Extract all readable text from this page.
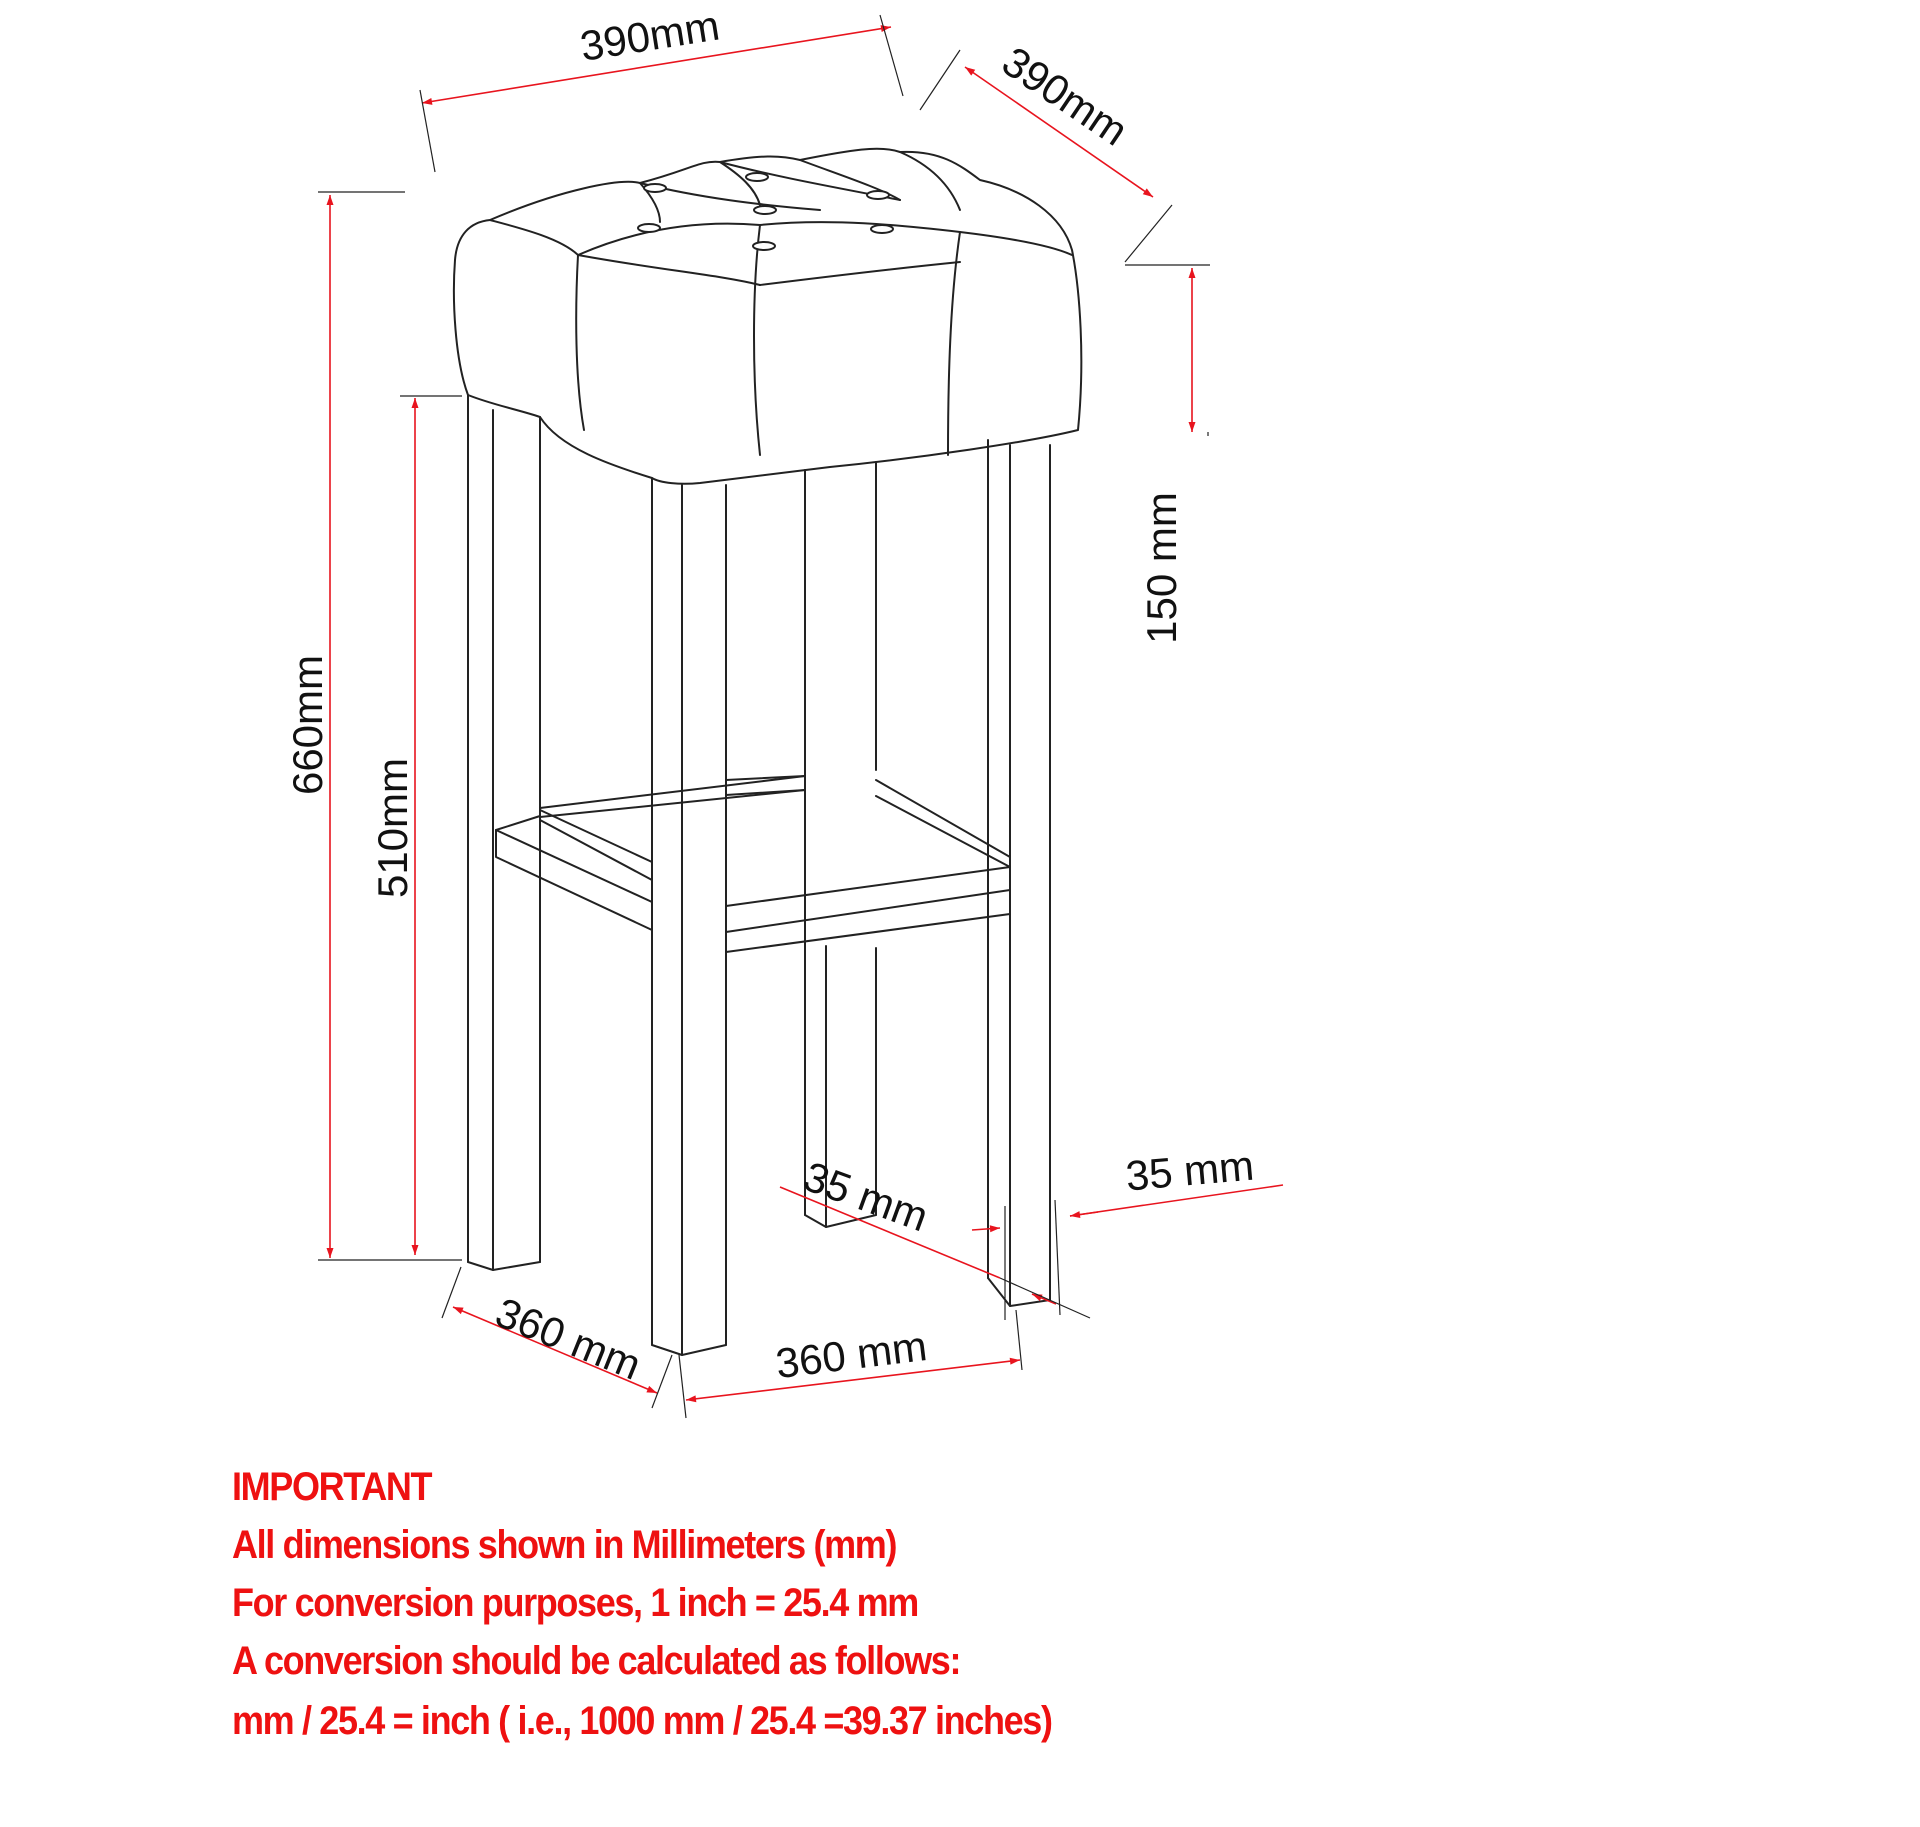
390mm
390mm
150 mm
660mm
510mm
35 mm	35 mm
360 mm	360 mm
IMPORTANT
All dimensions shown in Millimeters (mm)
For conversion purposes, 1 inch = 25.4 mm
A conversion should be calculated as follows:
mm / 25.4 = inch ( i.e., 1000 mm / 25.4 =39.37 inches)
